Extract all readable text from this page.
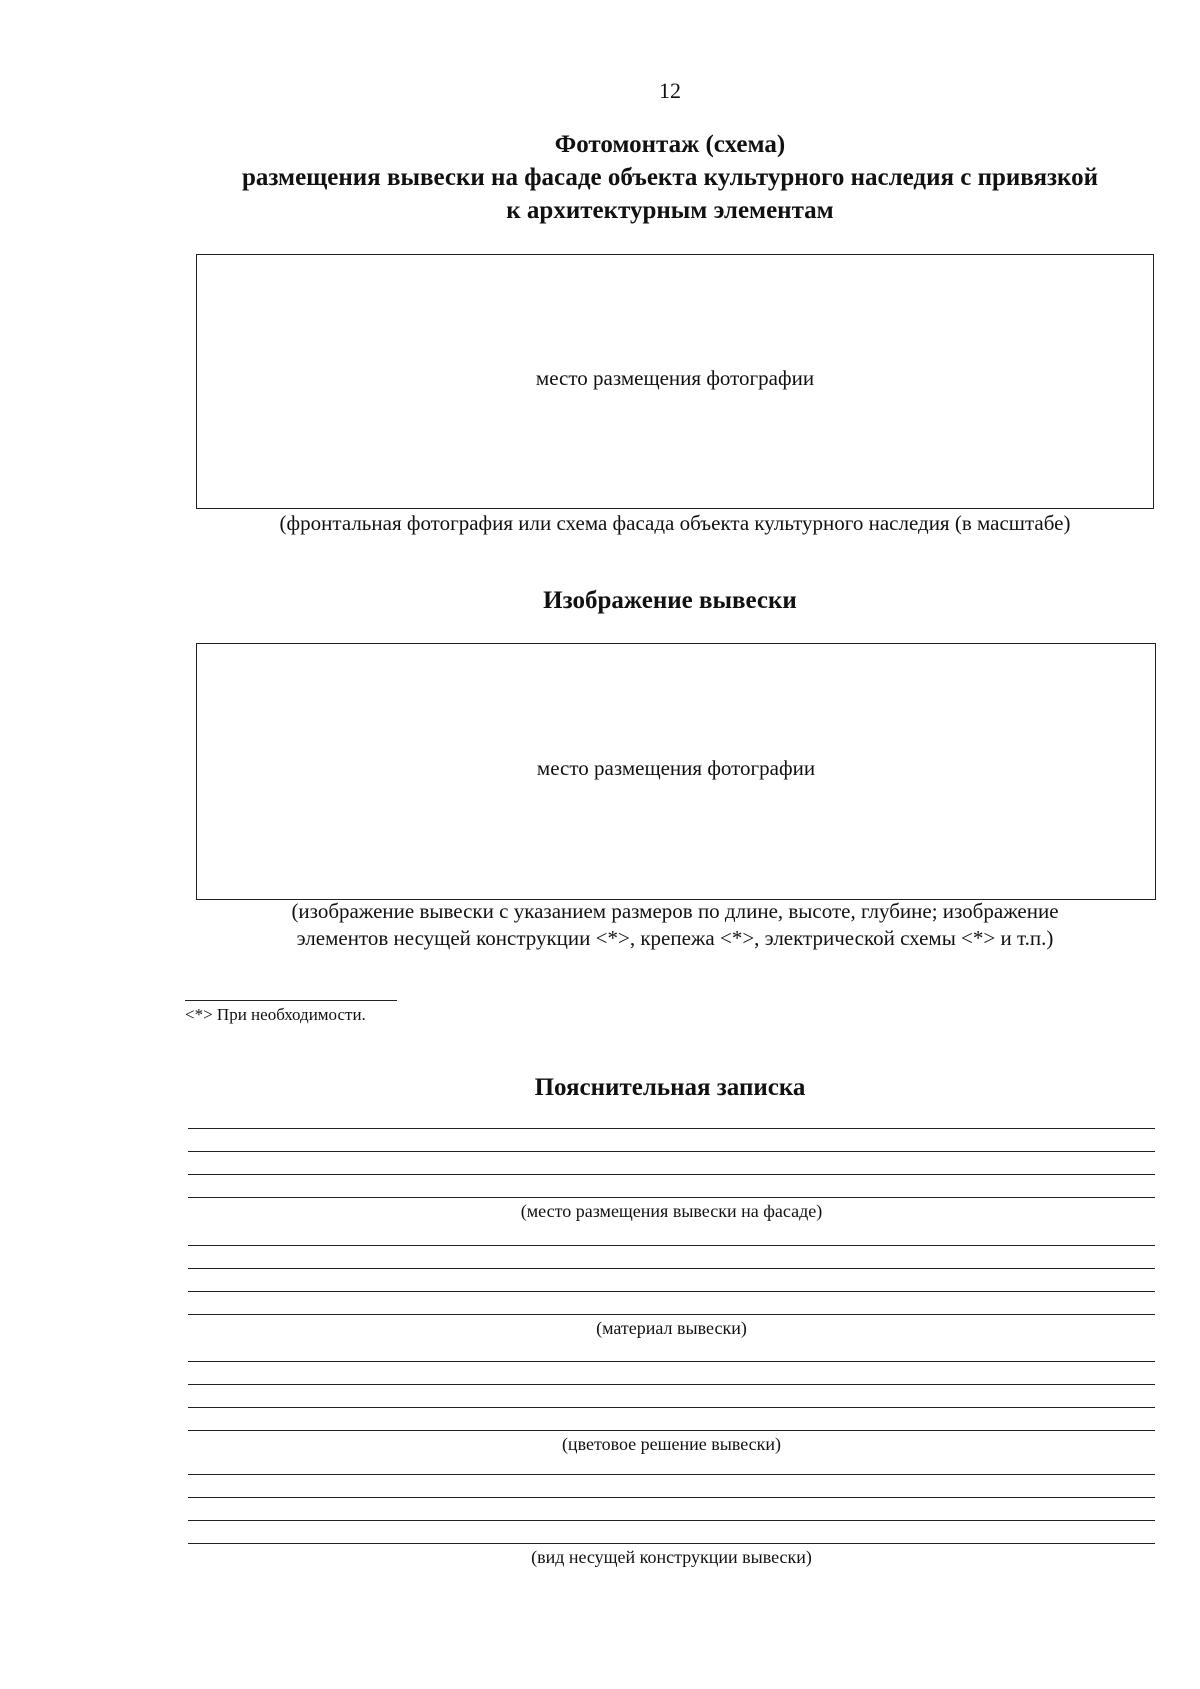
12
Фотомонтаж (схема)
размещения вывески на фасаде объекта культурного наследия с привязкой
к архитектурным элементам
место размещения фотографии
(фронтальная фотография или схема фасада объекта культурного наследия (в масштабе)
Изображение вывески
место размещения фотографии
(изображение вывески с указанием размеров по длине, высоте, глубине; изображение
элементов несущей конструкции <*>, крепежа <*>, электрической схемы <*> и т.п.)
<*> При необходимости.
Пояснительная записка
(место размещения вывески на фасаде)
(материал вывески)
(цветовое решение вывески)
(вид несущей конструкции вывески)
